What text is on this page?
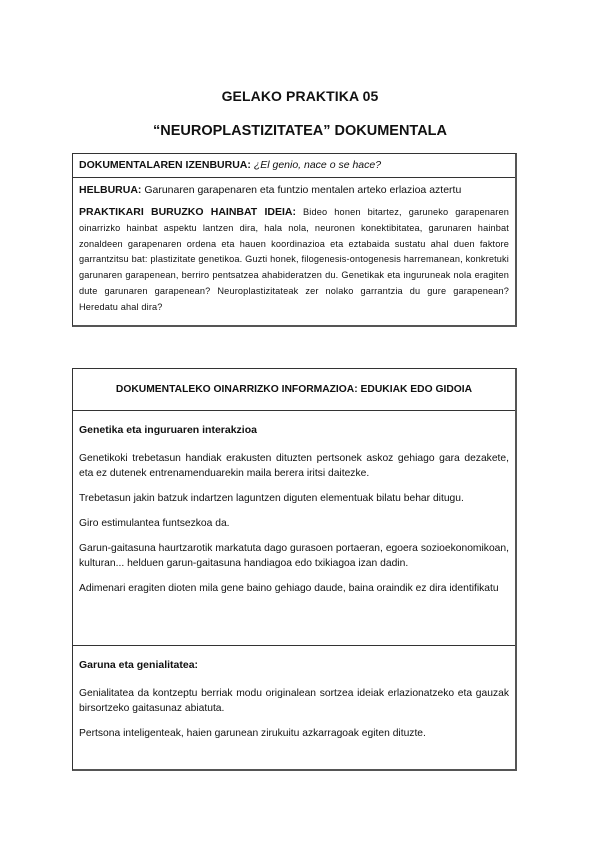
GELAKO PRAKTIKA 05
“NEUROPLASTIZITATEA” DOKUMENTALA
DOKUMENTALAREN IZENBURUA: ¿El genio, nace o se hace?

HELBURUA: Garunaren garapenaren eta funtzio mentalen arteko erlazioa aztertu

PRAKTIKARI BURUZKO HAINBAT IDEIA: Bideo honen bitartez, garuneko garapenaren oinarrizko hainbat aspektu lantzen dira, hala nola, neuronen konektibitatea, garunaren hainbat zonaldeen garapenaren ordena eta hauen koordinazioa eta eztabaida sustatu ahal duen faktore garrantzitsu bat: plastizitate genetikoa. Guzti honek, filogenesis-ontogenesis harremanean, konkretuki garunaren garapenean, berriro pentsatzea ahabideratzen du. Genetikak eta inguruneak nola eragiten dute garunaren garapenean? Neuroplastizitateak zer nolako garrantzia du gure garapenean? Heredatu ahal dira?

DOKUMENTALEKO OINARRIZKO INFORMAZIOA: EDUKIAK EDO GIDOIA

Genetika eta inguruaren interakzioa

Genetikoki trebetasun handiak erakusten dituzten pertsonek askoz gehiago gara dezakete, eta ez dutenek entrenamenduarekin maila berera iritsi daitezke.

Trebetasun jakin batzuk indartzen laguntzen diguten elementuak bilatu behar ditugu.

Giro estimulantea funtsezkoa da.

Garun-gaitasuna haurtzarotik markatuta dago gurasoen portaeran, egoera sozioekonomikoan, kulturan... helduen garun-gaitasuna handiagoa edo txikiagoa izan dadin.

Adimenari eragiten dioten mila gene baino gehiago daude, baina oraindik ez dira identifikatu

Garuna eta genialitatea:

Genialitatea da kontzeptu berriak modu originalean sortzea ideiak erlazionatzeko eta gauzak birsortzeko gaitasunaz abiatuta.

Pertsona inteligenteak, haien garunean zirukuitu azkarragoak egiten dituzte.
